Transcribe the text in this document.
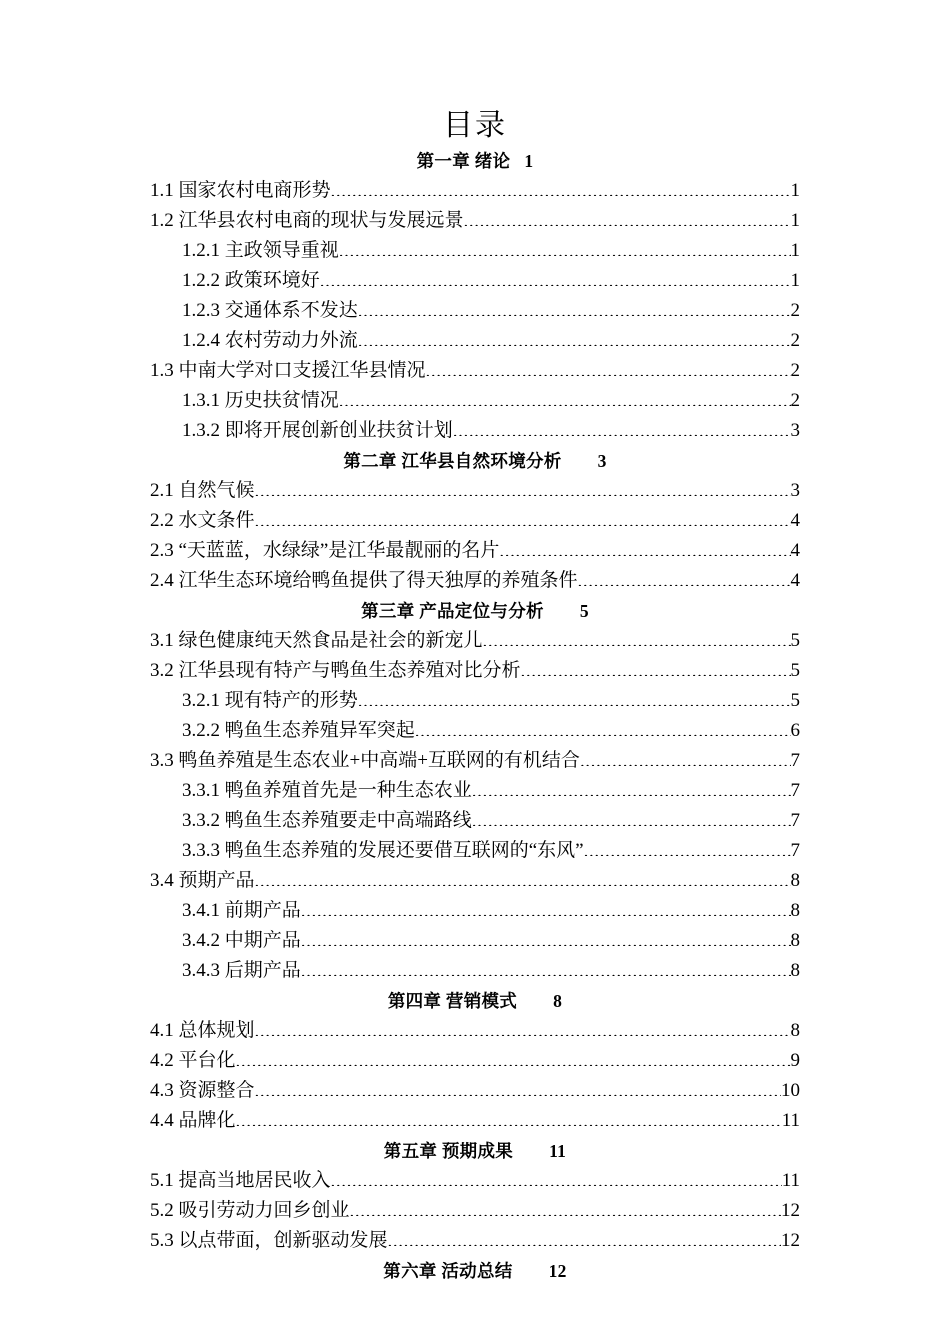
目录
第一章 绪论 1
1.1 国家农村电商形势 .....	1
1.2 江华县农村电商的现状与发展远景 .....	1
1.2.1 主政领导重视 .....	1
1.2.2 政策环境好 .....	1
1.2.3 交通体系不发达 .....	2
1.2.4 农村劳动力外流 .....	2
1.3 中南大学对口支援江华县情况 .....	2
1.3.1 历史扶贫情况 .....	2
1.3.2 即将开展创新创业扶贫计划 .....	3
第二章 江华县自然环境分析 3
2.1 自然气候 .....	3
2.2 水文条件 .....	4
2.3 “天蓝蓝，水绿绿”是江华最靓丽的名片 .....	4
2.4 江华生态环境给鸭鱼提供了得天独厚的养殖条件 .....	4
第三章 产品定位与分析 5
3.1 绿色健康纯天然食品是社会的新宠儿 .....	5
3.2 江华县现有特产与鸭鱼生态养殖对比分析 .....	5
3.2.1 现有特产的形势 .....	5
3.2.2 鸭鱼生态养殖异军突起 .....	6
3.3 鸭鱼养殖是生态农业+中高端+互联网的有机结合 .....	7
3.3.1 鸭鱼养殖首先是一种生态农业 .....	7
3.3.2 鸭鱼生态养殖要走中高端路线 .....	7
3.3.3 鸭鱼生态养殖的发展还要借互联网的“东风” .....	7
3.4 预期产品 .....	8
3.4.1 前期产品 .....	8
3.4.2 中期产品 .....	8
3.4.3 后期产品 .....	8
第四章 营销模式 8
4.1 总体规划 .....	8
4.2 平台化 .....	9
4.3 资源整合 .....	10
4.4 品牌化 .....	11
第五章 预期成果 11
5.1 提高当地居民收入 .....	11
5.2 吸引劳动力回乡创业 .....	12
5.3 以点带面，创新驱动发展 .....	12
第六章 活动总结 12
